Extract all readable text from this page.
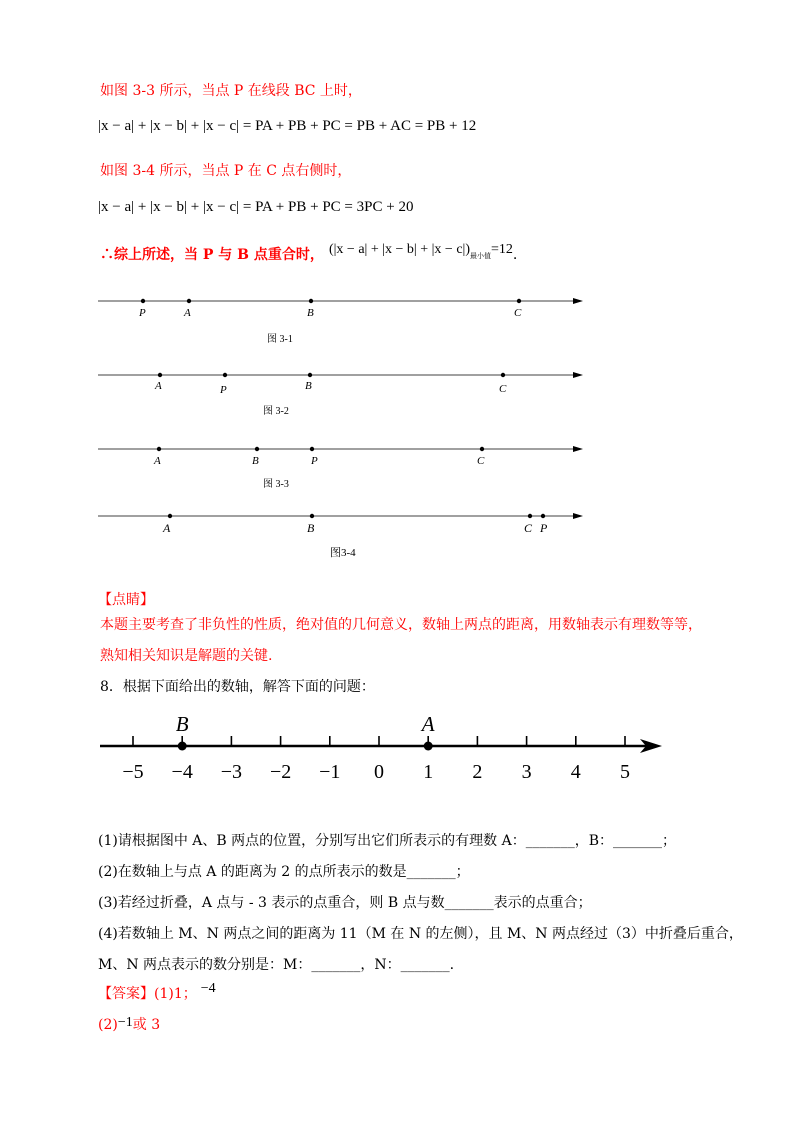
如图 3-3 所示，当点 P 在线段 BC 上时，
|x − a| + |x − b| + |x − c| = PA + PB + PC = PB + AC = PB + 12
如图 3-4 所示，当点 P 在 C 点右侧时，
|x − a| + |x − b| + |x − c| = PA + PB + PC = 3PC + 20
∴综上所述，当 P 与 B 点重合时， (|x − a| + |x − b| + |x − c|)最小值=12.
P	A	B	C
图 3-1
A	P	B	C
图 3-2
A	B	P	C
图 3-3
A	B	C P
图3-4
【点睛】
本题主要考查了非负性的性质，绝对值的几何意义，数轴上两点的距离，用数轴表示有理数等等，
熟知相关知识是解题的关键.
8．根据下面给出的数轴，解答下面的问题：
−5 −4 −3 −2 −1 0 1 2 3 4 5
B	A
(1)请根据图中 A、B 两点的位置，分别写出它们所表示的有理数 A：_______，B：_______；
(2)在数轴上与点 A 的距离为 2 的点所表示的数是_______；
(3)若经过折叠，A 点与 - 3 表示的点重合，则 B 点与数_______表示的点重合；
(4)若数轴上 M、N 两点之间的距离为 11（M 在 N 的左侧），且 M、N 两点经过（3）中折叠后重合，
M、N 两点表示的数分别是：M：_______，N：_______.
【答案】(1)1； −4
(2)−1或 3
